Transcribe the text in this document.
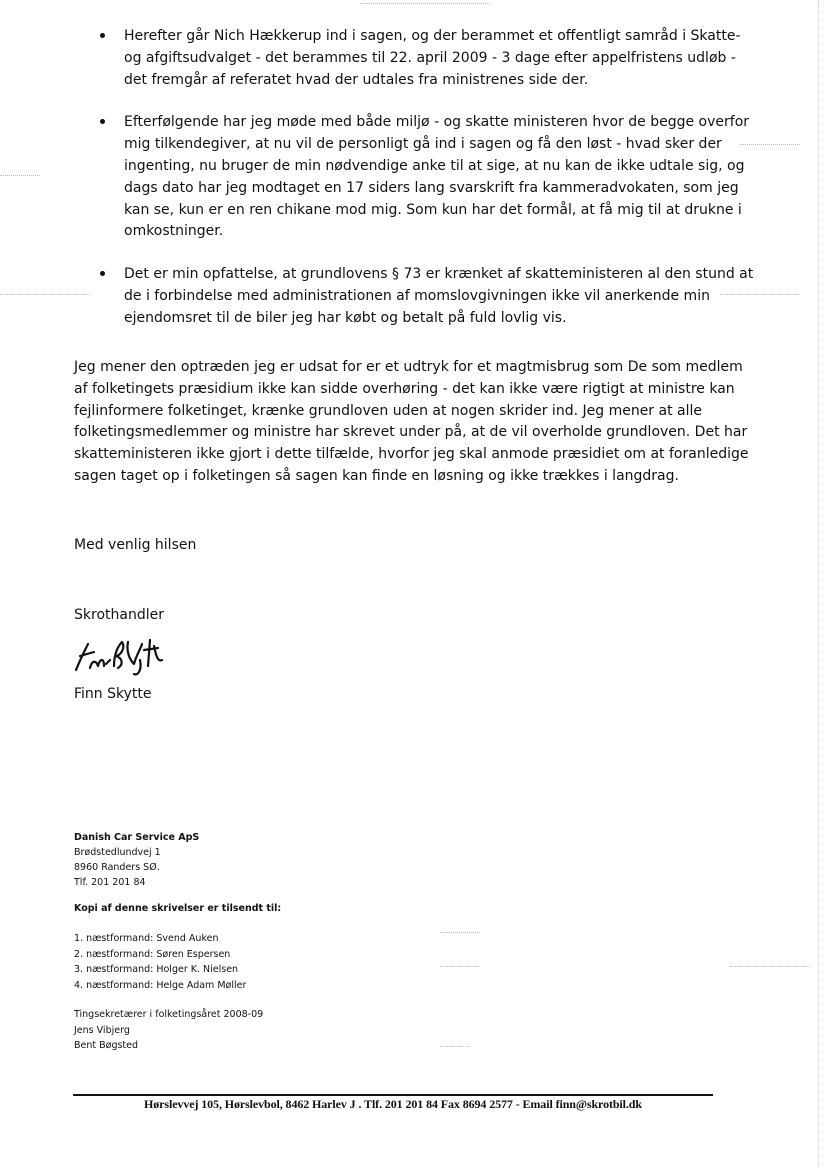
Herefter går Nich Hækkerup ind i sagen, og der berammet et offentligt samråd i Skatte- og afgiftsudvalget - det berammes til 22. april 2009 - 3 dage efter appelfristens udløb - det fremgår af referatet hvad der udtales fra ministrenes side der.
Efterfølgende har jeg møde med både miljø - og skatte ministeren hvor de begge overfor mig tilkendegiver, at nu vil de personligt gå ind i sagen og få den løst - hvad sker der ingenting, nu bruger de min nødvendige anke til at sige, at nu kan de ikke udtale sig, og dags dato har jeg modtaget en 17 siders lang svarskrift fra kammeradvokaten, som jeg kan se, kun er en ren chikane mod mig. Som kun har det formål, at få mig til at drukne i omkostninger.
Det er min opfattelse, at grundlovens § 73 er krænket af skatteministeren al den stund at de i forbindelse med administrationen af momslovgivningen ikke vil anerkende min ejendomsret til de biler jeg har købt og betalt på fuld lovlig vis.

Jeg mener den optræden jeg er udsat for er et udtryk for et magtmisbrug som De som medlem af folketingets præsidium ikke kan sidde overhøring - det kan ikke være rigtigt at ministre kan fejlinformere folketinget, krænke grundloven uden at nogen skrider ind. Jeg mener at alle folketingsmedlemmer og ministre har skrevet under på, at de vil overholde grundloven. Det har skatteministeren ikke gjort i dette tilfælde, hvorfor jeg skal anmode præsidiet om at foranledige sagen taget op i folketingen så sagen kan finde en løsning og ikke trækkes i langdrag.

Med venlig hilsen

Skrothandler

Finn Skytte

Danish Car Service ApS
Brødstedlundvej 1
8960 Randers SØ.
Tlf. 201 201 84
Kopi af denne skrivelser er tilsendt til:
1. næstformand: Svend Auken
2. næstformand: Søren Espersen
3. næstformand: Holger K. Nielsen
4. næstformand: Helge Adam Møller
Tingsekretærer i folketingsåret 2008-09
Jens Vibjerg
Bent Bøgsted
Hørslevvej 105, Hørslevbol, 8462 Harlev J . Tlf. 201 201 84 Fax 8694 2577 - Email finn@skrotbil.dk
